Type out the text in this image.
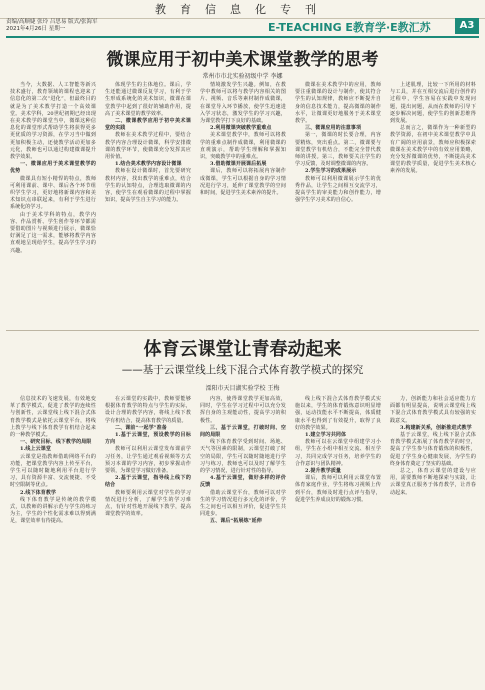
教育信息化专刊
责编/高顺婕 张玲 吕思易 版式/张海军
2021年4月26日 星期一	E-TEACHING E教育学·E教汇苏	A3
微课应用于初中美术课堂教学的思考
常州市市北实验初级中学 李娜

当今，大数据、人工智能等新兴技术盛行，教育领域的课程也迎来了信息化的第二次“进化”，但最终目的就是为了美术教学打造一个高效课堂。美术学科，20世纪初期已经出现在美术教学的课堂当中，微课这种信息化的课堂形式帮助学生将获得更多更优质的学习资源，在学习当中做到更加积极主动，还使教学活动更加多元化，教师也可以通过构建微课提升教学效果。

一、微课应用于美术课堂教学的优势

微课具有短小精悍的特点，教师可利用课前、课中、课后各个环节组织学生学习，更好地将新课内容和美术知识点串联起来，有利于学生进行系统化的学习。

由于美术学科的特点，教学内容、作品赏析、学生创作等环节都需要借助图片与视频进行展示，微课恰好满足了这一需求，能够将教学内容直观地呈现给学生，提高学生学习的兴趣。

体现学生的主体地位。课后，学生还能通过微课反复学习，有利于学生形成系统化的美术知识，微课在课堂教学中起到了很好的辅助作用，提高了美术课堂的教学效率。

二、微课教学应用于初中美术课堂的实践

教师在美术教学过程中，要结合教学内容合理设计微课，科学安排微课的教学环节，使微课充分发挥其应用价值。

1.结合美术教学内容设计微课

教师在设计微课时，首先要研究教材内容，找出教学的重难点，结合学生的认知特点，合理选取微课的内容，使学生在观看微课的过程中掌握知识，提高学生自主学习的能力。

情境激发学生兴趣。例如，在教学中教师可以将与教学内容相关的图片、视频、音乐等素材制作成微课，在课堂导入环节播放，使学生迅速进入学习状态，激发学生的学习兴趣，为课堂教学打下良好的基础。

2.利用微课突破教学重难点

美术课堂教学中，教师可以将教学的重难点制作成微课，利用微课的直观演示，帮助学生理解和掌握知识，突破教学中的重难点。

3.借助微课开展课后拓展

课后，教师可以将拓展内容制作成微课，学生可以根据自身的学习情况进行学习，延伸了课堂教学的空间和时间，促进学生美术素养的提升。

微课在美术教学中的应用，教师要注重微课的设计与制作，使其符合学生的认知规律，教师应不断提升自身的信息技术能力，提高微课的制作水平，让微课更好地服务于美术课堂教学。

三、微课应用的注意事项

第一，微课的时长要合理，内容要精炼，突出重点。第二，微课要与课堂教学有机结合，不能完全替代教师的讲授。第三，教师要关注学生的学习反馈，及时调整微课的内容。

2.学生学习的成果展示

教师可以利用微课展示学生的优秀作品，让学生之间相互交流学习，提高学生的审美能力和创作能力，增强学生学习美术的自信心。

上述肌理，比较一下所用的材料与工具，并在互相交流后进行创作的过程中，学生容易在实践中发现问题，提出问题，从而在教师的引导下逐步解决问题，使学生的创新思维得到发展。

总而言之，微课作为一种新型的教学资源，在初中美术课堂教学中具有广阔的应用前景，教师应积极探索微课在美术教学中的有效应用策略，充分发挥微课的优势，不断提高美术课堂的教学质量，促进学生美术核心素养的发展。

体育云课堂让青春动起来
——基于云课堂线上线下混合式体育教学模式的探究
溧阳市天目湖实验学校 王梅

信息技术的飞速发展，有效地变革了教学模式，促进了教学的连续性与创新性，云课堂线上线下混合式体育教学模式是依托云课堂平台，将线上教学与线下体育教学有机结合起来的一种教学模式。

一、研究目标、线下教学的局限

1.线上云课堂

云课堂是指教师借助网络平台的功能，把课堂教学内容上传至平台，学生可以随时随地利用平台进行学习，具有资源丰富、交流便捷、不受时空限制等优点。

2.线下体育教学

线下体育教学是传统的教学模式，以教师的讲解示范与学生的练习为主，学生的个性化需求难以得到满足，课堂效率有待提高。

在云课堂的实践中，教师要能够根据体育教学的特点与学生的实际，设计合理的教学内容，将线上线下教学有机结合，提高体育教学的质量。

二、课前“一起学”准备

1.基于云课堂，预设教学的目标方向

教师可以利用云课堂发布课前学习任务，让学生通过观看视频等方式预习本课的学习内容，初步掌握动作要领，为课堂学习做好准备。

2.基于云课堂，指导线上线下的结合

教师要利用云课堂对学生的学习情况进行分析，了解学生的学习难点，有针对性地开展线下教学，提高课堂教学的效率。

内容，使得课堂教学更加高效，同时，学生在学习过程中可以充分发挥自身的主观能动性，提高学习的积极性。

三、基于云课堂，打破时间、空间的局限

线下体育教学受到时间、场地、天气等因素的限制，云课堂打破了时空的局限，学生可以随时随地进行学习与练习，教师也可以及时了解学生的学习情况，进行针对性的指导。

4.基于云课堂，做好多样的评价反馈

借助云课堂平台，教师可以对学生的学习情况进行多元化的评价，学生之间也可以相互评价，促进学生共同进步。

五、课后“拓展练”延伸

线上线下混合式体育教学模式实施以来，学生的体育锻炼意识明显增强，运动技能水平不断提高，体质健康水平也得到了有效提升，取得了良好的教学效果。

1.建立学习共同体

教师可以在云课堂中组建学习小组，学生在小组中相互交流、相互学习，共同完成学习任务，培养学生的合作意识与团队精神。

2.提升教学质量

课后，教师可以利用云课堂布置体育家庭作业，学生将练习视频上传到平台，教师及时进行点评与指导，促进学生养成良好的锻炼习惯。

力，创新能力和社会适应能力方面都有明显提高，说明云课堂线上线下混合式体育教学模式具有较强的实践意义。

3.构建新关系，创新推进式教学

基于云课堂，线上线下混合式体育教学模式拓展了体育教学的时空，提高了学生参与体育锻炼的积极性，促进了学生身心健康发展，为学生的终身体育奠定了坚实的基础。

总之，体育云课堂的建设与应用，需要教师不断地探索与实践，让云课堂真正服务于体育教学，让青春动起来。
